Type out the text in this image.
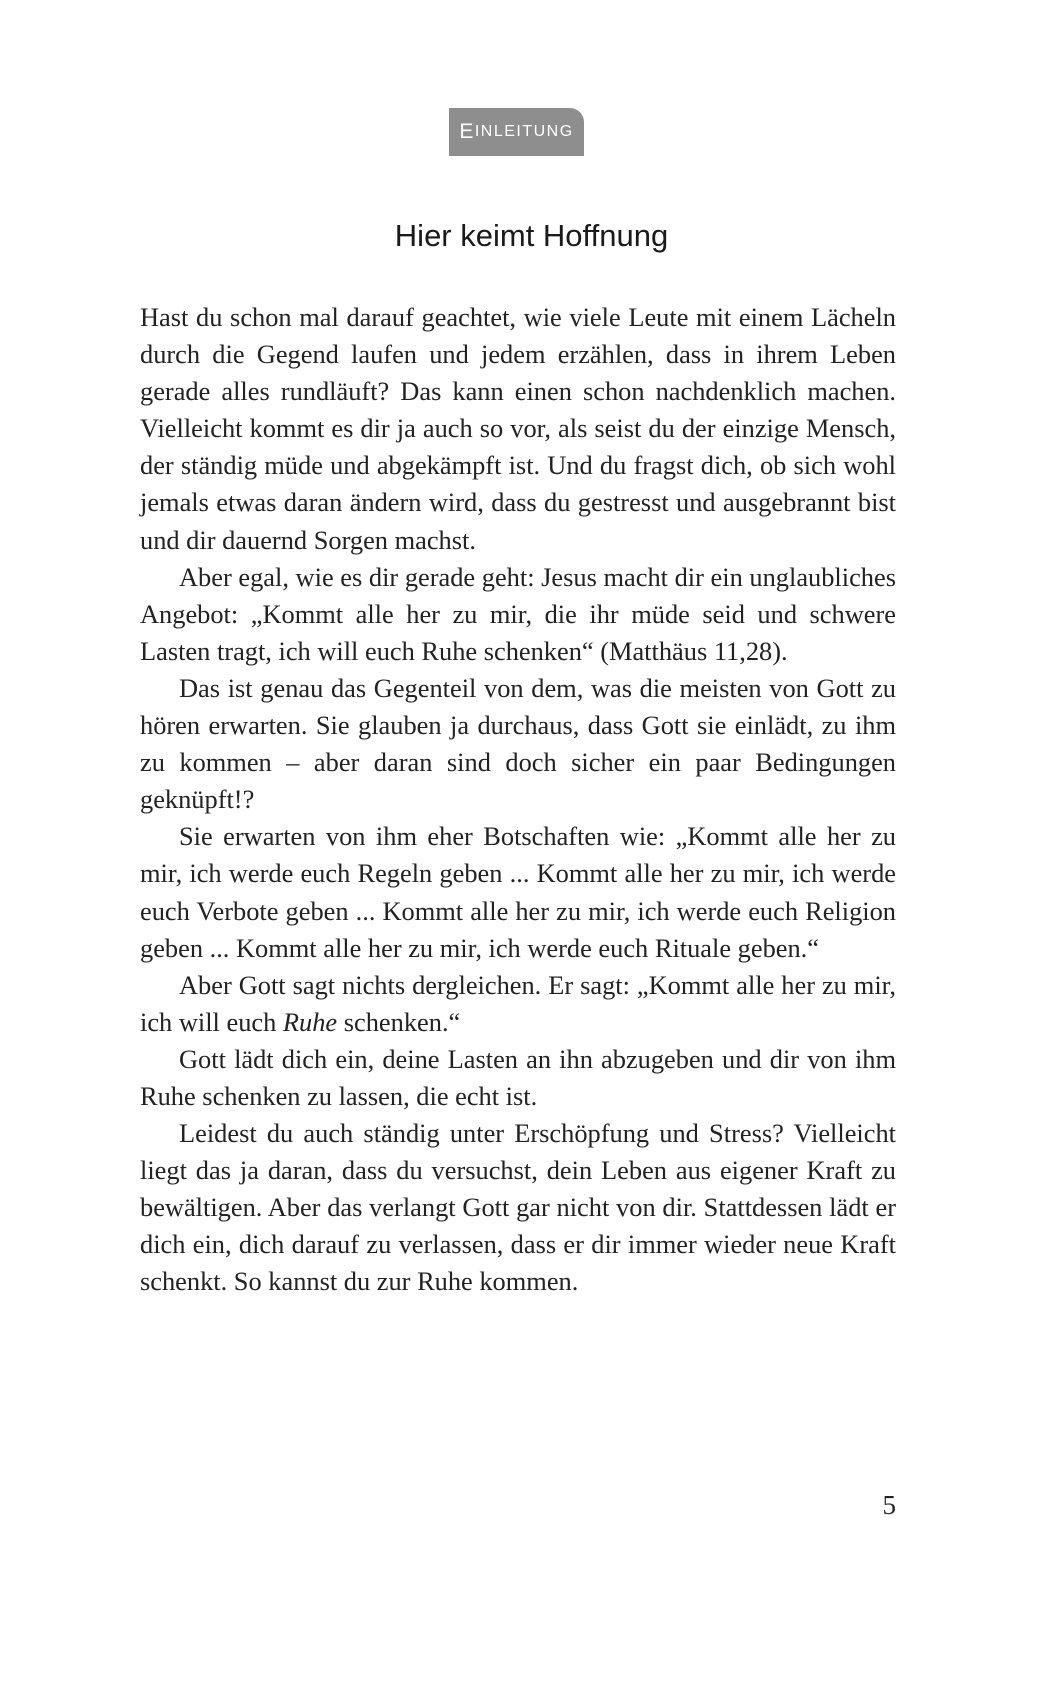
E INLEITUNG
Hier keimt Hoffnung

Hast du schon mal darauf geachtet, wie viele Leute mit einem Lächeln durch die Gegend laufen und jedem erzählen, dass in ihrem Leben gerade alles rundläuft? Das kann einen schon nachdenklich machen. Vielleicht kommt es dir ja auch so vor, als seist du der einzige Mensch, der ständig müde und abgekämpft ist. Und du fragst dich, ob sich wohl jemals etwas daran ändern wird, dass du gestresst und ausgebrannt bist und dir dauernd Sorgen machst.

Aber egal, wie es dir gerade geht: Jesus macht dir ein unglaubliches Angebot: „Kommt alle her zu mir, die ihr müde seid und schwere Lasten tragt, ich will euch Ruhe schenken“ (Matthäus 11,28).

Das ist genau das Gegenteil von dem, was die meisten von Gott zu hören erwarten. Sie glauben ja durchaus, dass Gott sie einlädt, zu ihm zu kommen – aber daran sind doch sicher ein paar Bedingungen geknüpft!?

Sie erwarten von ihm eher Botschaften wie: „Kommt alle her zu mir, ich werde euch Regeln geben ... Kommt alle her zu mir, ich werde euch Verbote geben ... Kommt alle her zu mir, ich werde euch Religion geben ... Kommt alle her zu mir, ich werde euch Rituale geben.“

Aber Gott sagt nichts dergleichen. Er sagt: „Kommt alle her zu mir, ich will euch Ruhe schenken.“

Gott lädt dich ein, deine Lasten an ihn abzugeben und dir von ihm Ruhe schenken zu lassen, die echt ist.

Leidest du auch ständig unter Erschöpfung und Stress? Vielleicht liegt das ja daran, dass du versuchst, dein Leben aus eigener Kraft zu bewältigen. Aber das verlangt Gott gar nicht von dir. Stattdessen lädt er dich ein, dich darauf zu verlassen, dass er dir immer wieder neue Kraft schenkt. So kannst du zur Ruhe kommen.

5
